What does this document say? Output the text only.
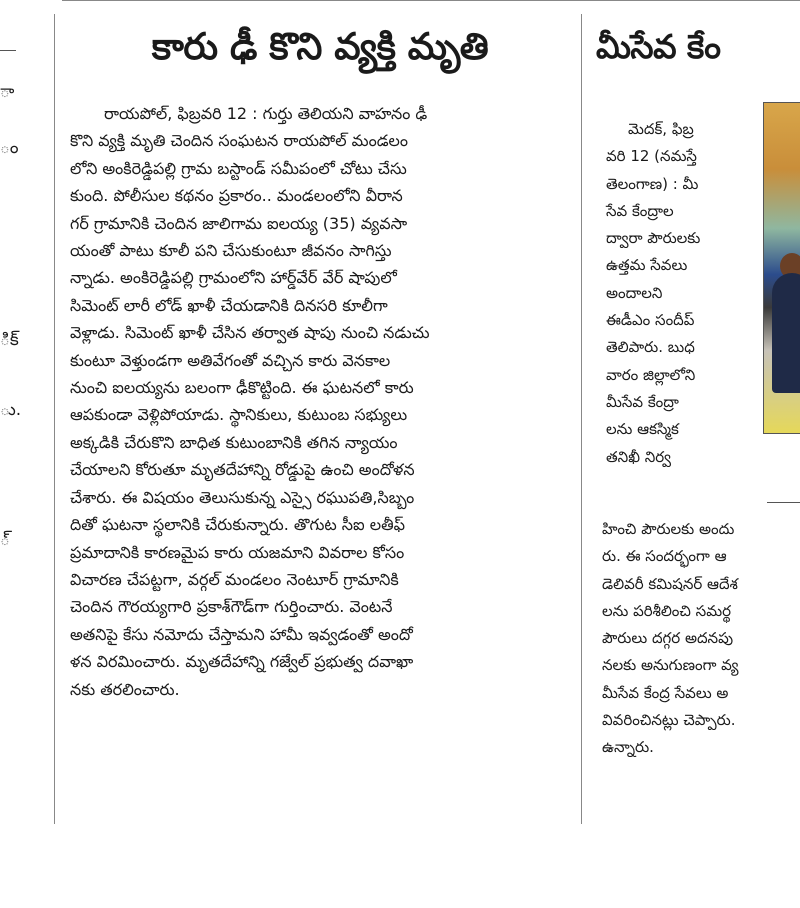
ా
ం
ిక్
ు.
్
కారు ఢీ కొని వ్యక్తి మృతి
రాయపోల్, ఫిబ్రవరి 12 : గుర్తు తెలియని వాహనం ఢీ
కొని వ్యక్తి మృతి చెందిన సంఘటన రాయపోల్ మండలం
లోని అంకిరెడ్డిపల్లి గ్రామ బస్టాండ్ సమీపంలో చోటు చేసు
కుంది. పోలీసుల కథనం ప్రకారం.. మండలంలోని వీరాన
గర్ గ్రామానికి చెందిన జాలిగామ ఐలయ్య (35) వ్యవసా
యంతో పాటు కూలీ పని చేసుకుంటూ జీవనం సాగిస్తు
న్నాడు. అంకిరెడ్డిపల్లి గ్రామంలోని హార్డ్‌వేర్ వేర్ షాపులో
సిమెంట్ లారీ లోడ్ ఖాళీ చేయడానికి దినసరి కూలీగా
వెళ్లాడు. సిమెంట్ ఖాళీ చేసిన తర్వాత షాపు నుంచి నడుచు
కుంటూ వెళ్తుండగా అతివేగంతో వచ్చిన కారు వెనకాల
నుంచి ఐలయ్యను బలంగా ఢీకొట్టింది. ఈ ఘటనలో కారు
ఆపకుండా వెళ్లిపోయాడు. స్థానికులు, కుటుంబ సభ్యులు
అక్కడికి చేరుకొని బాధిత కుటుంబానికి తగిన న్యాయం
చేయాలని కోరుతూ మృతదేహాన్ని రోడ్డుపై ఉంచి అందోళన
చేశారు. ఈ విషయం తెలుసుకున్న ఎస్సై రఘుపతి,సిబ్బం
దితో ఘటనా స్థలానికి చేరుకున్నారు. తొగుట సీఐ లతీఫ్
ప్రమాదానికి కారణమైప కారు యజమాని వివరాల కోసం
విచారణ చేపట్టగా, వర్గల్ మండలం నెంటూర్ గ్రామానికి
చెందిన గౌరయ్యగారి ప్రకాశ్‌గౌడ్‌గా గుర్తించారు. వెంటనే
అతనిపై కేసు నమోదు చేస్తామని హామీ ఇవ్వడంతో అందో
ళన విరమించారు. మృతదేహాన్ని గజ్వేల్ ప్రభుత్వ దవాఖా
నకు తరలించారు.
మీసేవ కేం
మెదక్, ఫిబ్ర
వరి 12 (నమస్తే
తెలంగాణ) : మీ
సేవ కేంద్రాల
ద్వారా పౌరులకు
ఉత్తమ సేవలు
అందాలని
ఈడీఎం సందీప్
తెలిపారు. బుధ
వారం జిల్లాలోని
మీసేవ కేంద్రా
లను ఆకస్మిక
తనిఖీ నిర్వ
హించి పౌరులకు అందు
రు. ఈ సందర్భంగా ఆ
డెలివరీ కమిషనర్ ఆదేశ
లను పరిశీలించి సమర్థ
పౌరులు దగ్గర అదనపు
నలకు అనుగుణంగా వ్య
మీసేవ కేంద్ర సేవలు అ
వివరించినట్లు చెప్పారు.
ఉన్నారు.
